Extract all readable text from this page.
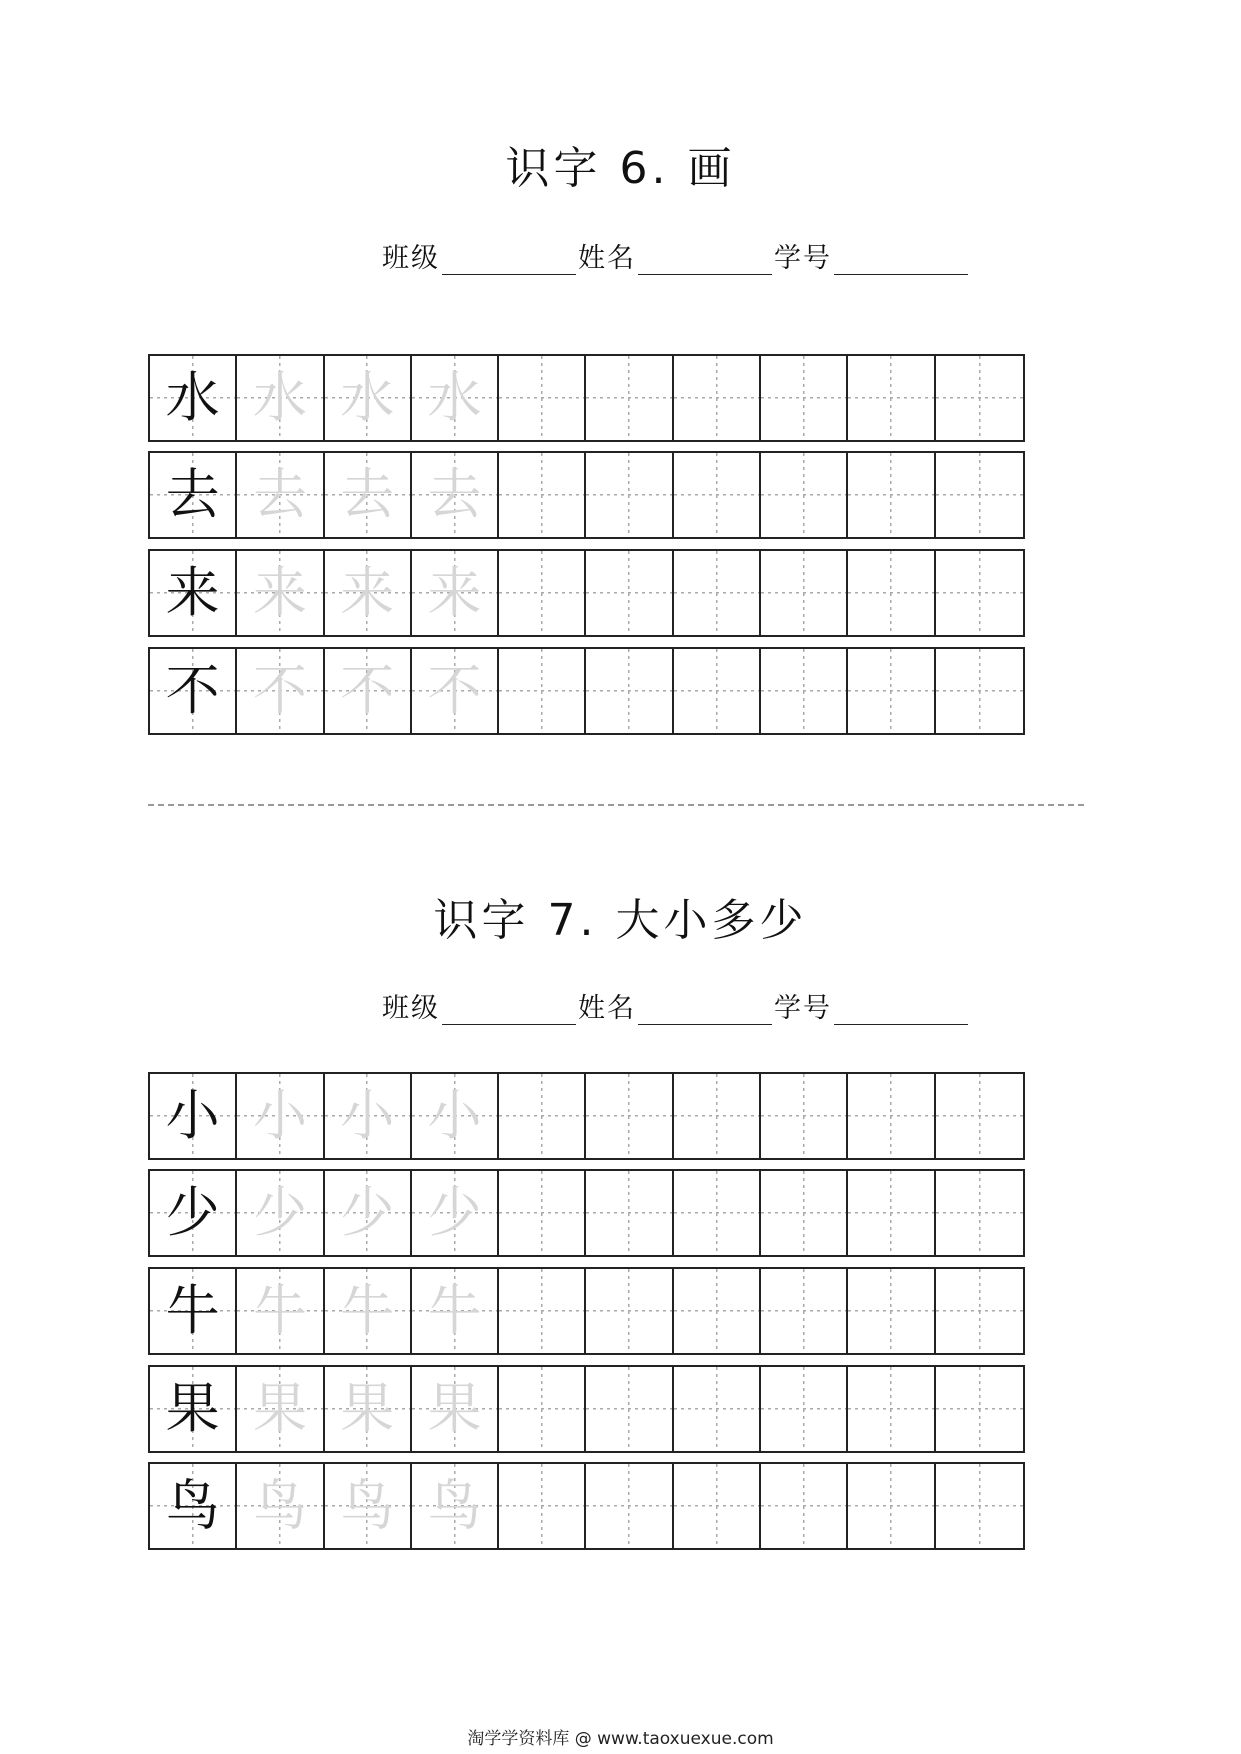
识字 6. 画
班级	姓名	学号
水 水 水 水
去 去 去 去
来 来 来 来
不 不 不 不
识字 7. 大小多少
班级	姓名	学号
小 小 小 小
少 少 少 少
牛 牛 牛 牛
果 果 果 果
鸟 鸟 鸟 鸟
淘学学资料库 @ www.taoxuexue.com
